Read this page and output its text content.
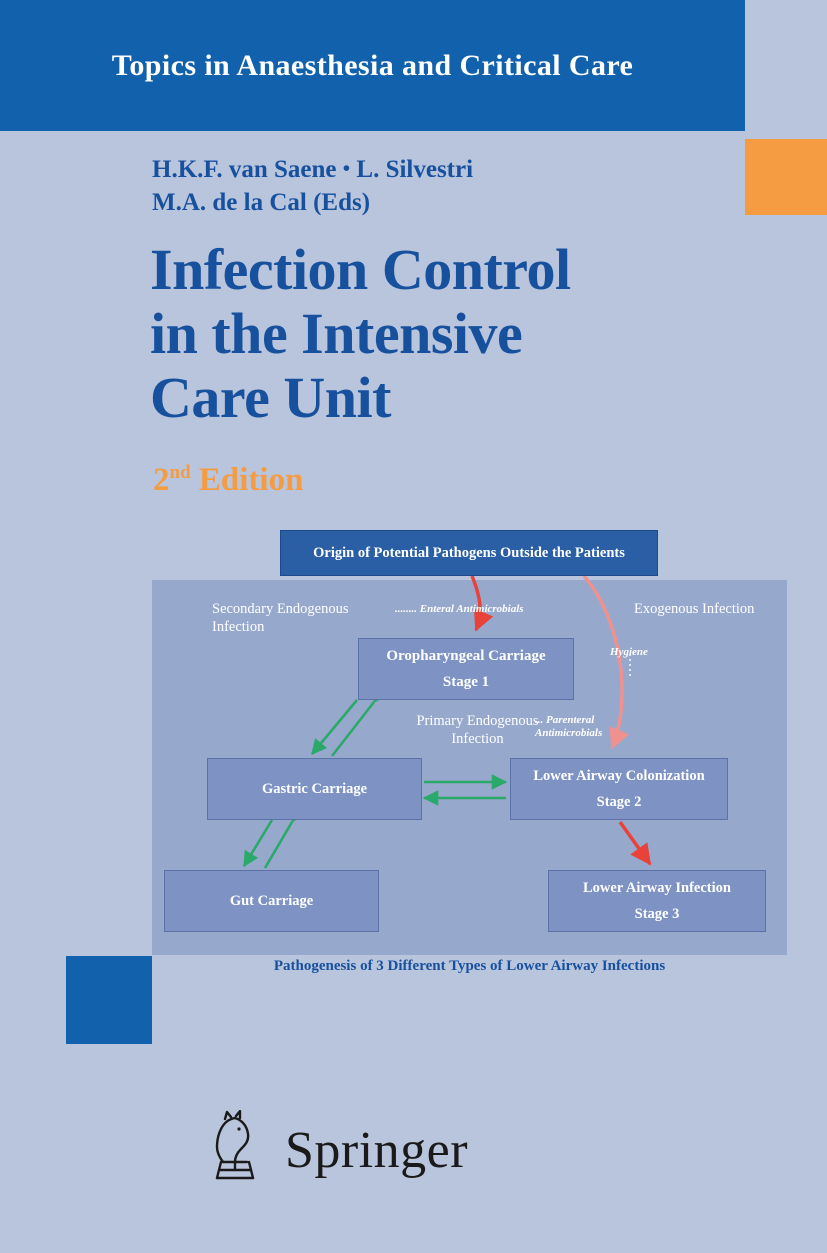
Topics in Anaesthesia and Critical Care
H.K.F. van Saene • L. Silvestri
M.A. de la Cal (Eds)
Infection Control
in the Intensive
Care Unit
2nd Edition
Origin of Potential Pathogens Outside the Patients
Oropharyngeal Carriage
Stage 1
Gastric Carriage
Lower Airway Colonization
Stage 2
Gut Carriage
Lower Airway Infection
Stage 3
Secondary Endogenous
Infection
........ Enteral Antimicrobials	Exogenous Infection
Hygiene
Primary Endogenous
Infection
... Parenteral
Antimicrobials
Pathogenesis of 3 Different Types of Lower Airway Infections
Springer
